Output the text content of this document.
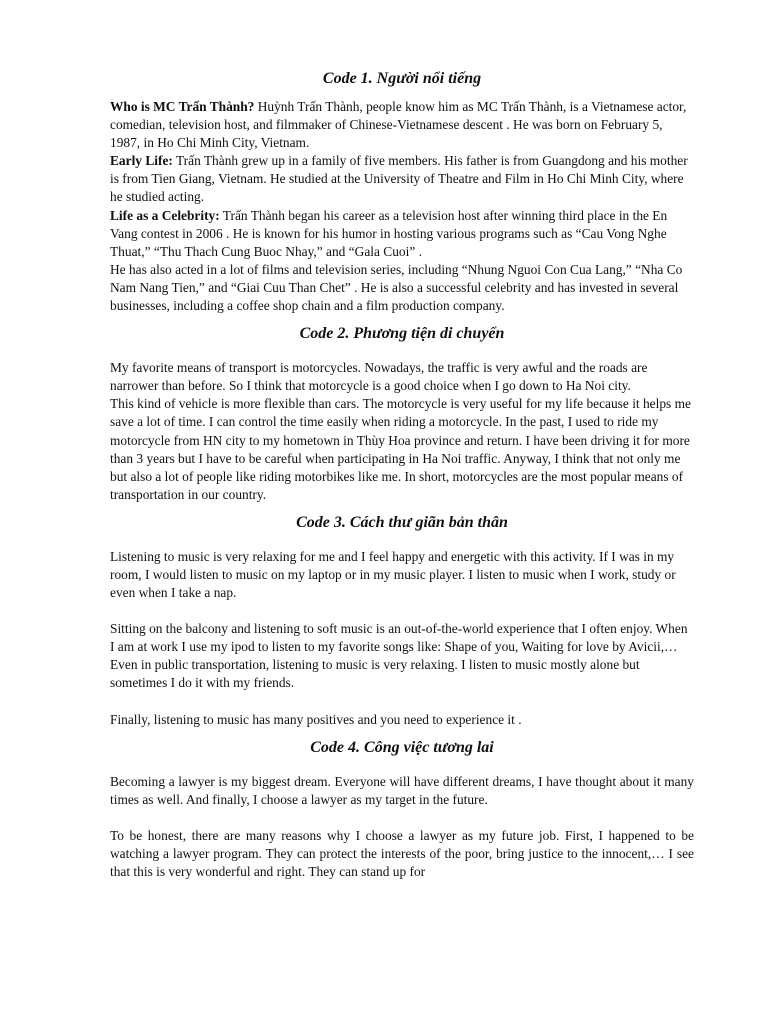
Code 1. Người nổi tiếng

Who is MC Trấn Thành? Huỳnh Trấn Thành, people know him as MC Trấn Thành, is a Vietnamese actor, comedian, television host, and filmmaker of Chinese-Vietnamese descent . He was born on February 5, 1987, in Ho Chi Minh City, Vietnam.

Early Life: Trấn Thành grew up in a family of five members. His father is from Guangdong and his mother is from Tien Giang, Vietnam. He studied at the University of Theatre and Film in Ho Chi Minh City, where he studied acting.

Life as a Celebrity: Trấn Thành began his career as a television host after winning third place in the En Vang contest in 2006 . He is known for his humor in hosting various programs such as “Cau Vong Nghe Thuat,” “Thu Thach Cung Buoc Nhay,” and “Gala Cuoi” .

He has also acted in a lot of films and television series, including “Nhung Nguoi Con Cua Lang,” “Nha Co Nam Nang Tien,” and “Giai Cuu Than Chet” . He is also a successful celebrity and has invested in several businesses, including a coffee shop chain and a film production company.

Code 2. Phương tiện di chuyển

My favorite means of transport is motorcycles. Nowadays, the traffic is very awful and the roads are narrower than before. So I think that motorcycle is a good choice when I go down to Ha Noi city.

This kind of vehicle is more flexible than cars. The motorcycle is very useful for my life because it helps me save a lot of time. I can control the time easily when riding a motorcycle. In the past, I used to ride my motorcycle from HN city to my hometown in Thùy Hoa province and return. I have been driving it for more than 3 years but I have to be careful when participating in Ha Noi traffic. Anyway, I think that not only me but also a lot of people like riding motorbikes like me. In short, motorcycles are the most popular means of transportation in our country.

Code 3. Cách thư giãn bản thân

Listening to music is very relaxing for me and I feel happy and energetic with this activity. If I was in my room, I would listen to music on my laptop or in my music player. I listen to music when I work, study or even when I take a nap.

Sitting on the balcony and listening to soft music is an out-of-the-world experience that I often enjoy. When I am at work I use my ipod to listen to my favorite songs like: Shape of you, Waiting for love by Avicii,…Even in public transportation, listening to music is very relaxing. I listen to music mostly alone but sometimes I do it with my friends.

Finally, listening to music has many positives and you need to experience it .

Code 4. Công việc tương lai

Becoming a lawyer is my biggest dream. Everyone will have different dreams, I have thought about it many times as well. And finally, I choose a lawyer as my target in the future.

To be honest, there are many reasons why I choose a lawyer as my future job. First, I happened to be watching a lawyer program. They can protect the interests of the poor, bring justice to the innocent,… I see that this is very wonderful and right. They can stand up for
